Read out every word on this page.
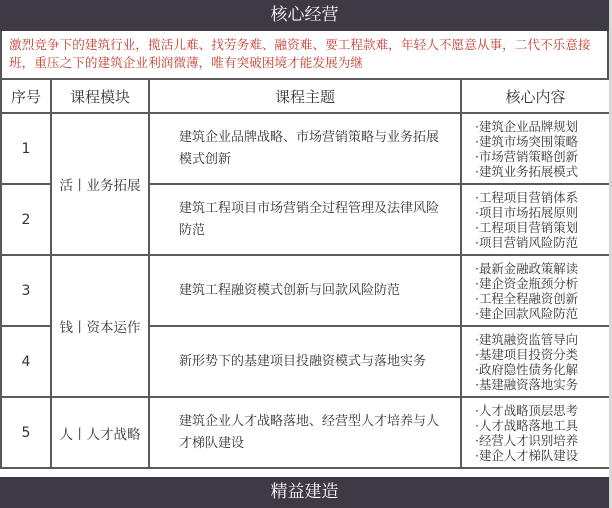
核心经营
激烈竞争下的建筑行业，揽活儿难、找劳务难、融资难、要工程款难，年轻人不愿意从事，二代不乐意接班，重压之下的建筑企业利润微薄，唯有突破困境才能发展为继
序号	课程模块	课程主题	核心内容
1	活丨业务拓展	建筑企业品牌战略、市场营销策略与业务拓展模式创新	·建筑企业品牌规划
·建筑市场突围策略
·市场营销策略创新
·建筑业务拓展模式

2		建筑工程项目市场营销全过程管理及法律风险防范	·工程项目营销体系
·项目市场拓展原则
·工程项目营销策划
·项目营销风险防范

3	钱丨资本运作	建筑工程融资模式创新与回款风险防范	·最新金融政策解读
·建企资金瓶颈分析
·工程全程融资创新
·建企回款风险防范

4		新形势下的基建项目投融资模式与落地实务	·建筑融资监管导向
·基建项目投资分类
·政府隐性债务化解
·基建融资落地实务

5	人丨人才战略	建筑企业人才战略落地、经营型人才培养与人才梯队建设	·人才战略顶层思考
·人才战略落地工具
·经营人才识别培养
·建企人才梯队建设
精益建造
